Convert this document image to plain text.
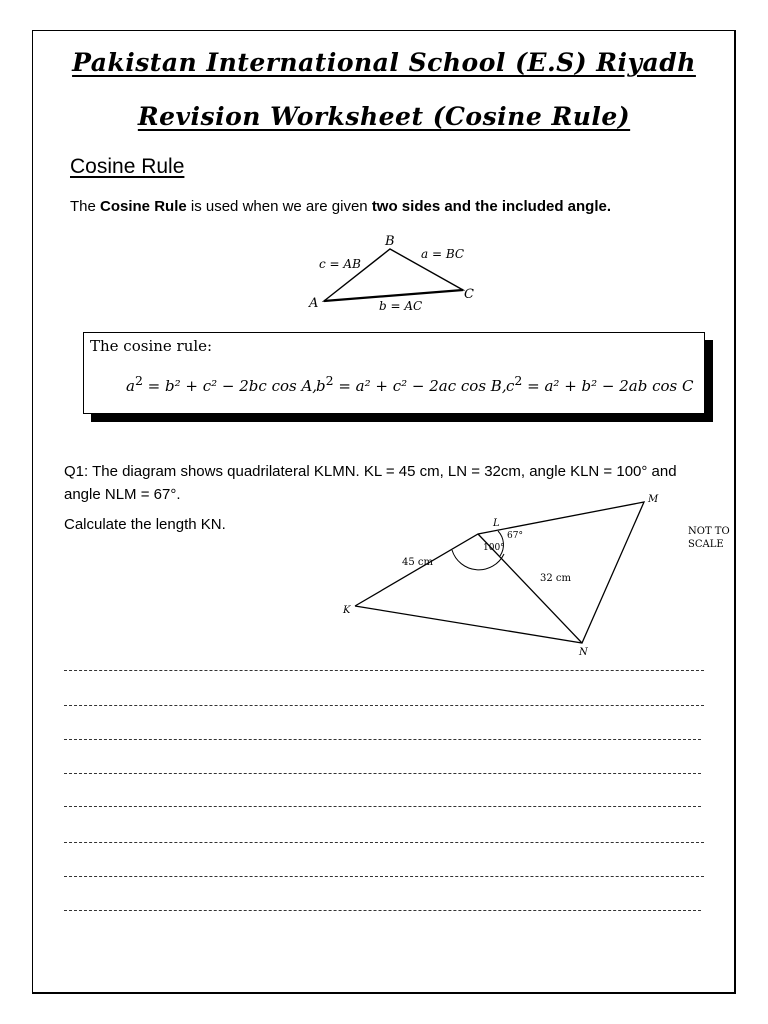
Pakistan International School (E.S) Riyadh
Revision Worksheet (Cosine Rule)
Cosine Rule
The Cosine Rule is used when we are given two sides and the included angle.
B
A
C
c = AB
a = BC
b = AC
The cosine rule:
$a^2 = b^2 + c^2 - 2bc$ cos A,
$b^2 = a^2 + c^2 - 2ac$ cos B, $c^2 = a^2 + b^2 - 2ab$ cos C
Q1: The diagram shows quadrilateral KLMN. KL = 45 cm, LN = 32cm, angle KLN = 100° and angle NLM = 67°.
Calculate the length KN.
K
L
M
N
45 cm
32 cm
100°
67°	NOT TO
SCALE
